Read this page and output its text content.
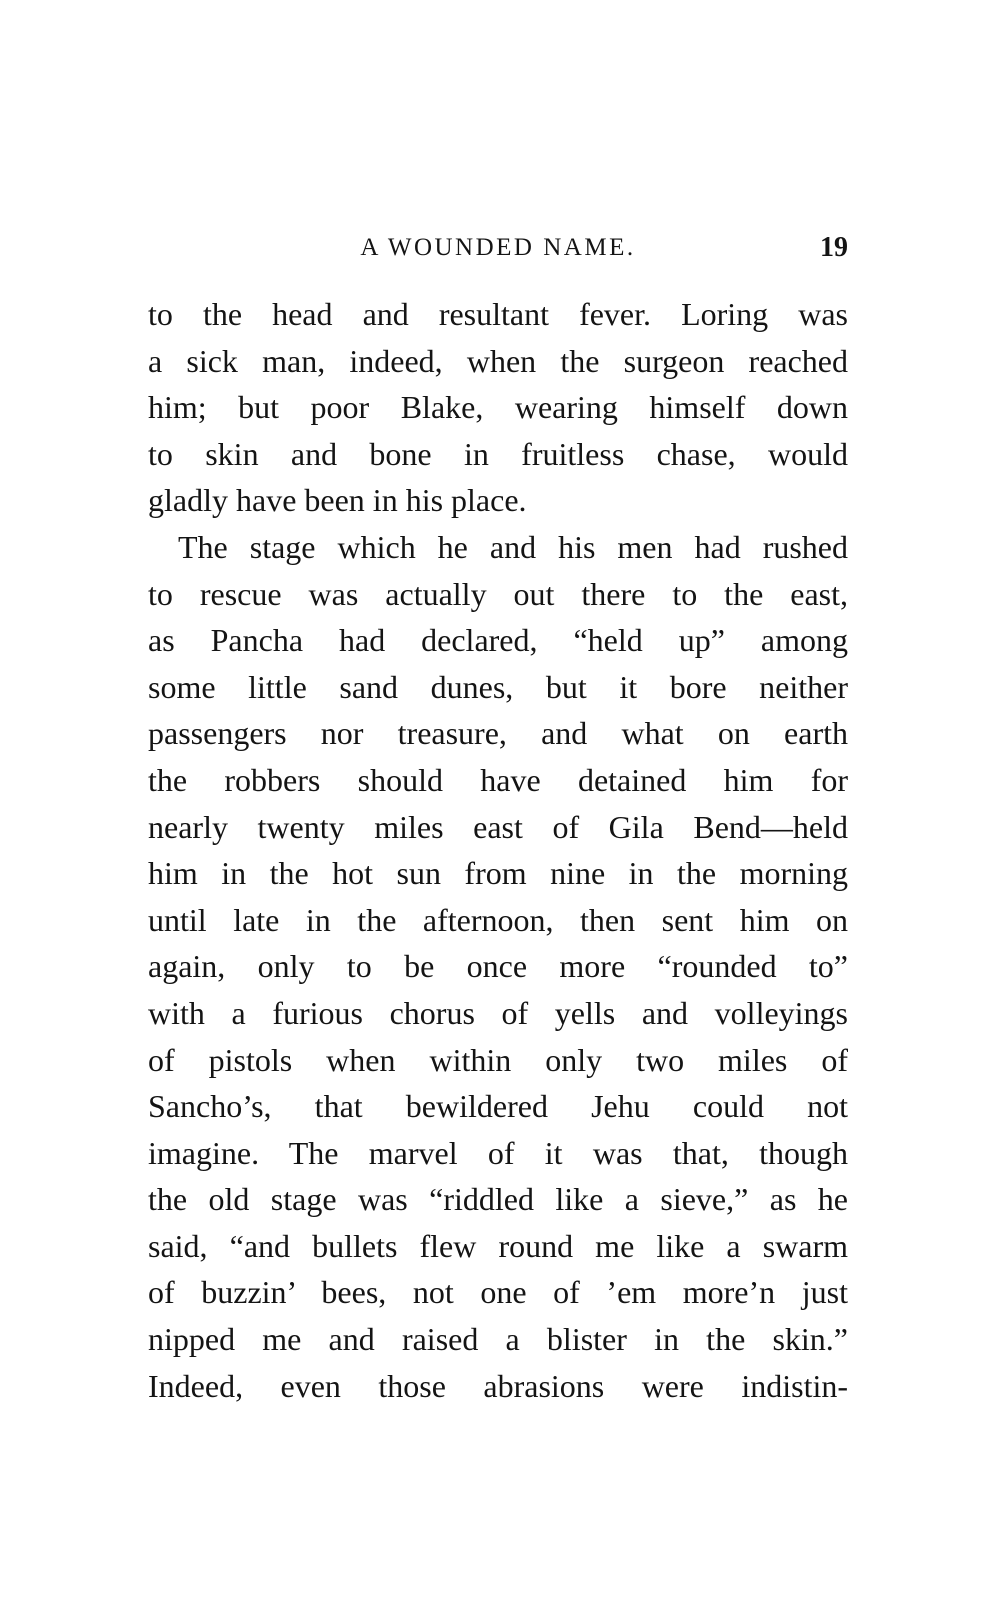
A WOUNDED NAME.	19
to the head and resultant fever. Loring was
a sick man, indeed, when the surgeon reached
him; but poor Blake, wearing himself down
to skin and bone in fruitless chase, would
gladly have been in his place.
The stage which he and his men had rushed
to rescue was actually out there to the east,
as Pancha had declared, “held up” among
some little sand dunes, but it bore neither
passengers nor treasure, and what on earth
the robbers should have detained him for
nearly twenty miles east of Gila Bend—held
him in the hot sun from nine in the morning
until late in the afternoon, then sent him on
again, only to be once more “rounded to”
with a furious chorus of yells and volleyings
of pistols when within only two miles of
Sancho’s, that bewildered Jehu could not
imagine. The marvel of it was that, though
the old stage was “riddled like a sieve,” as he
said, “and bullets flew round me like a swarm
of buzzin’ bees, not one of ’em more’n just
nipped me and raised a blister in the skin.”
Indeed, even those abrasions were indistin-
